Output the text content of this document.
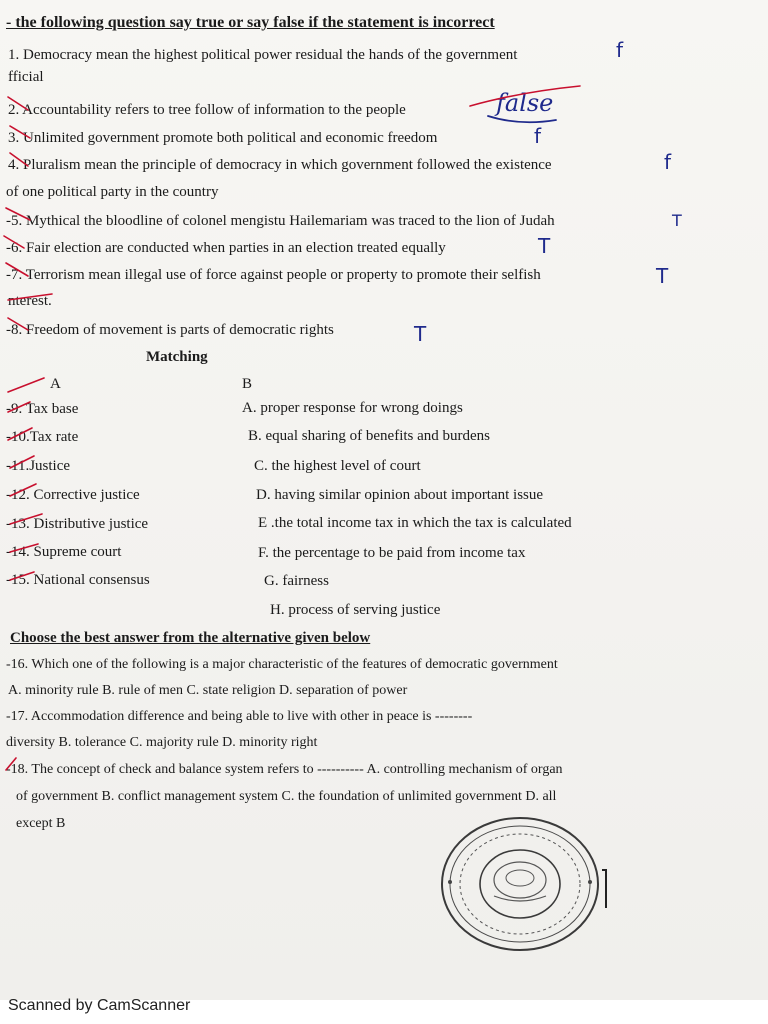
- the following question say true or say false if the statement is incorrect
1. Democracy mean the highest political power residual the hands of the government
fficial
2. Accountability refers to tree follow of information to the people
3. Unlimited government promote both political and economic freedom
4. Pluralism mean the principle of democracy in which government followed the existence
of one political party in the country
-5. Mythical the bloodline of colonel mengistu Hailemariam was traced to the lion of Judah
-6. Fair election are conducted when parties in an election treated equally
-7. Terrorism mean illegal use of force against people or property to promote their selfish
nterest.
-8. Freedom of movement is parts of democratic rights
f
false
f
f
T
T
T
T
Matching
A	B
-9. Tax base
-10.Tax rate
-11.Justice
-12. Corrective justice
-13. Distributive justice
-14. Supreme court
-15. National consensus
A. proper response for wrong doings
B. equal sharing of benefits and burdens
C. the highest level of court
D. having similar opinion about important issue
E .the total income tax in which the tax is calculated
F. the percentage to be paid from income tax
G. fairness
H. process of serving justice
Choose the best answer from the alternative given below
-16. Which one of the following is a major characteristic of the features of democratic government
A. minority rule B. rule of men C. state religion D. separation of power
-17. Accommodation difference and being able to live with other in peace is --------
diversity B. tolerance C. majority rule D. minority right
-18. The concept of check and balance system refers to ---------- A. controlling mechanism of organ
of government B. conflict management system C. the foundation of unlimited government D. all
except B
Scanned by CamScanner
